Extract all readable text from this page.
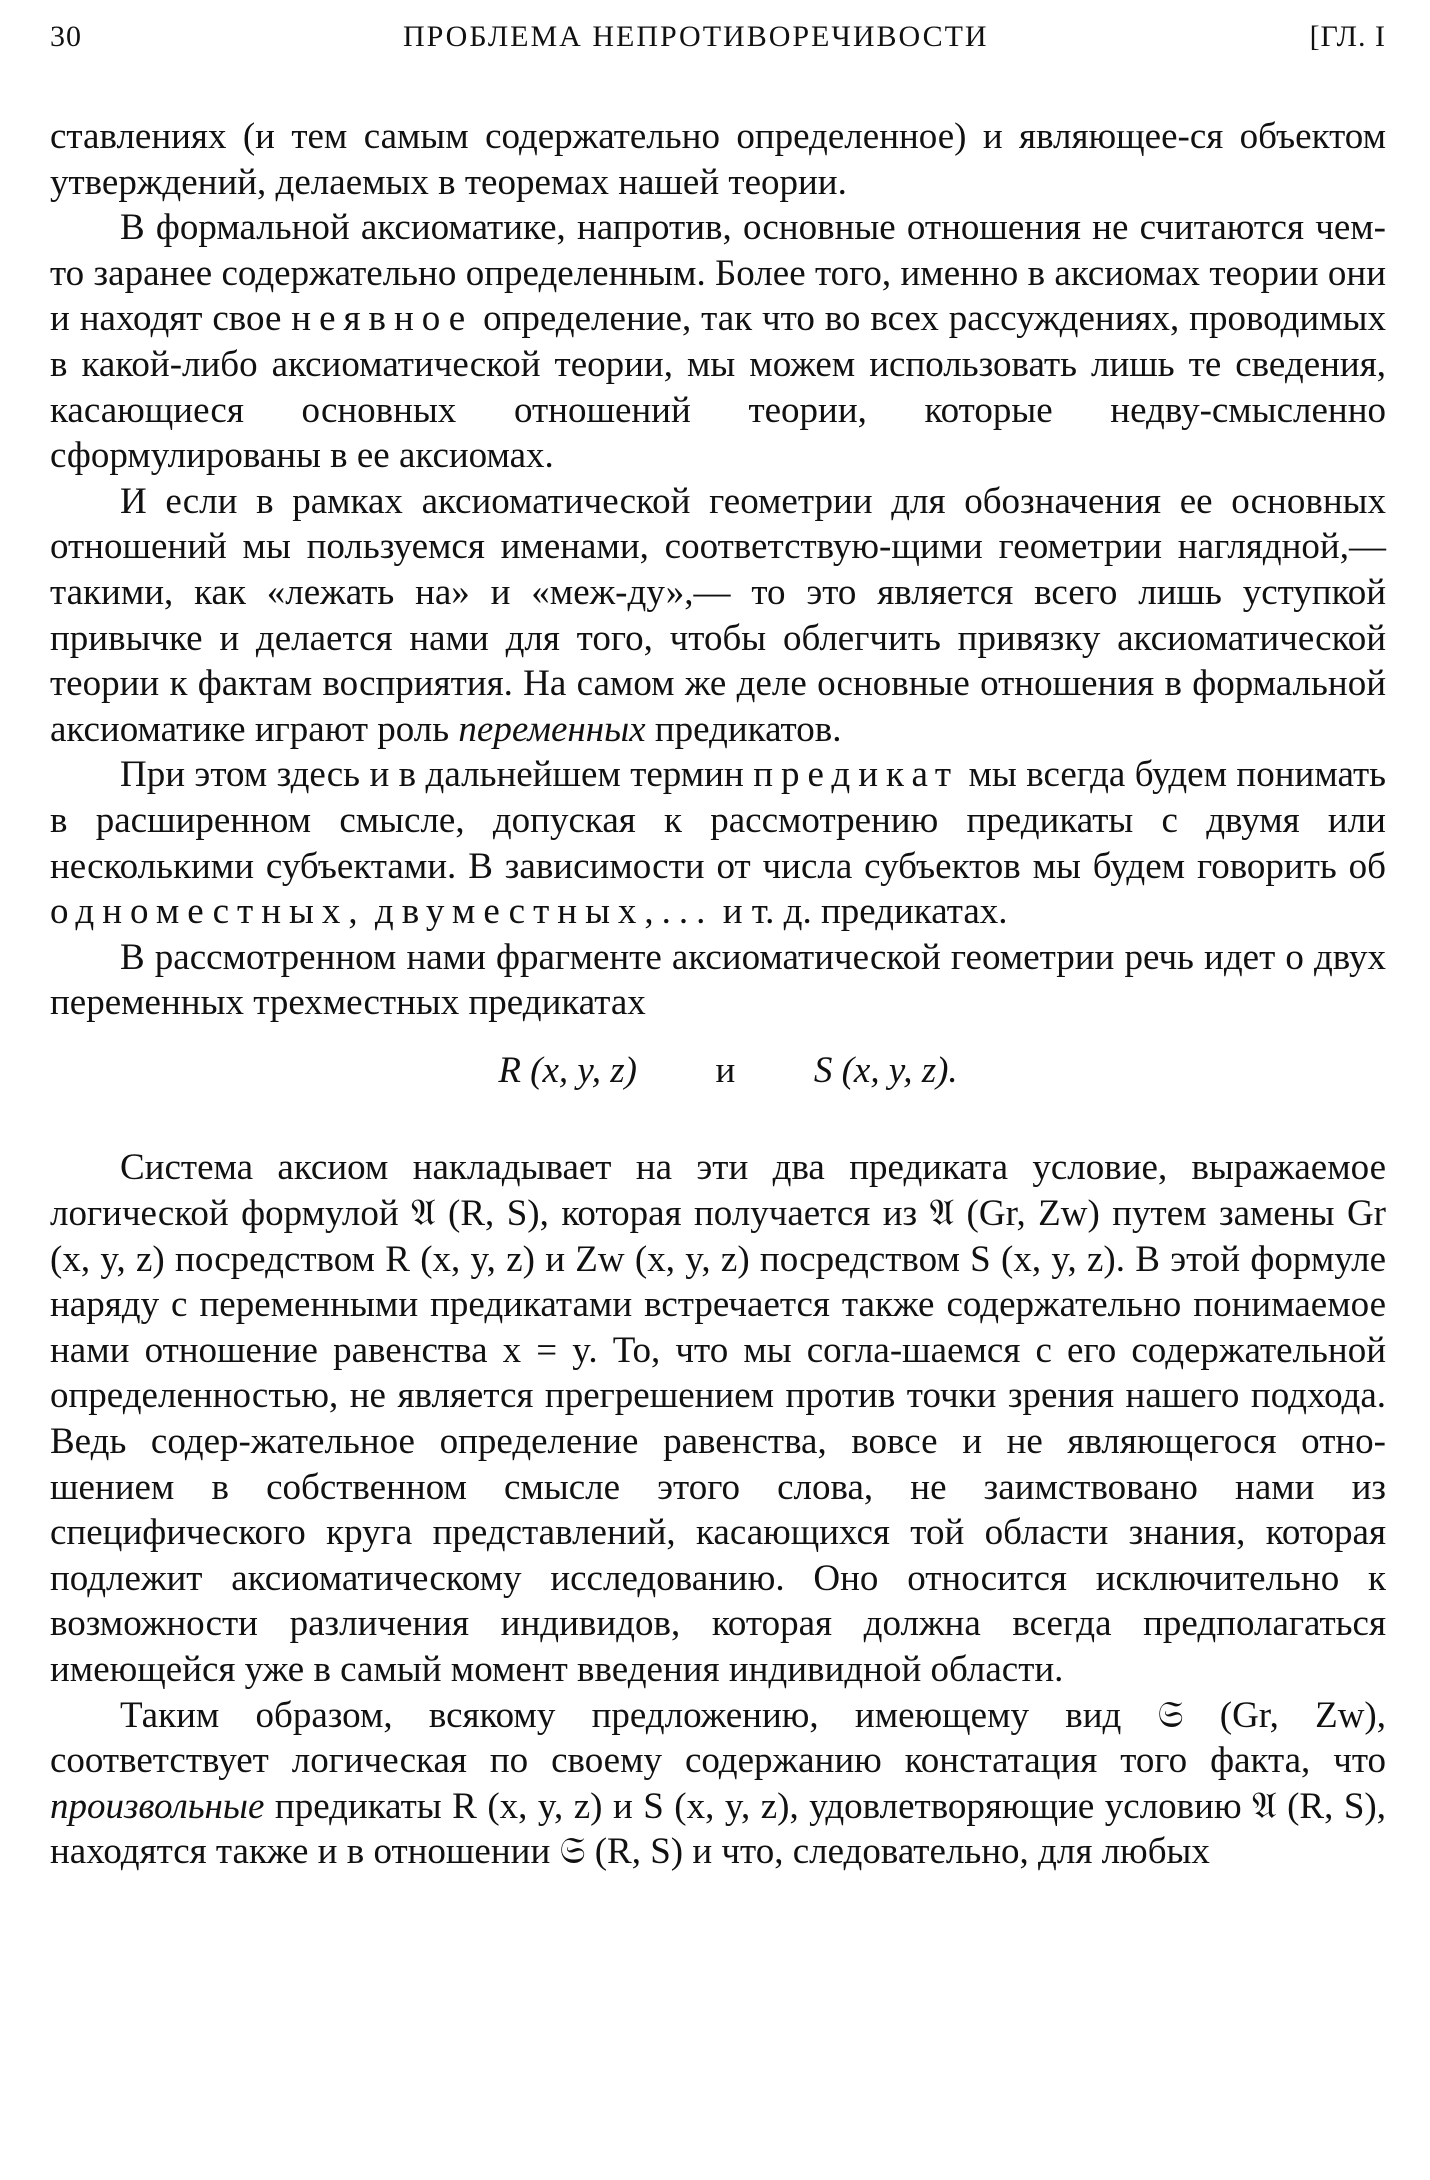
30	ПРОБЛЕМА НЕПРОТИВОРЕЧИВОСТИ	[ГЛ. I

ставлениях (и тем самым содержательно определенное) и являющее-ся объектом утверждений, делаемых в теоремах нашей теории.

В формальной аксиоматике, напротив, основные отношения не считаются чем-то заранее содержательно определенным. Более того, именно в аксиомах теории они и находят свое неявное определение, так что во всех рассуждениях, проводимых в какой-либо аксиоматической теории, мы можем использовать лишь те сведения, касающиеся основных отношений теории, которые недву-смысленно сформулированы в ее аксиомах.

И если в рамках аксиоматической геометрии для обозначения ее основных отношений мы пользуемся именами, соответствую-щими геометрии наглядной,— такими, как «лежать на» и «меж-ду»,— то это является всего лишь уступкой привычке и делается нами для того, чтобы облегчить привязку аксиоматической теории к фактам восприятия. На самом же деле основные отношения в формальной аксиоматике играют роль переменных предикатов.

При этом здесь и в дальнейшем термин предикат мы всегда будем понимать в расширенном смысле, допуская к рассмотрению предикаты с двумя или несколькими субъектами. В зависимости от числа субъектов мы будем говорить об одноместных, двуместных,... и т. д. предикатах.

В рассмотренном нами фрагменте аксиоматической геометрии речь идет о двух переменных трехместных предикатах

R (x, y, z) и S (x, y, z).

Система аксиом накладывает на эти два предиката условие, выражаемое логической формулой 𝔄 (R, S), которая получается из 𝔄 (Gr, Zw) путем замены Gr (x, y, z) посредством R (x, y, z) и Zw (x, y, z) посредством S (x, y, z). В этой формуле наряду с переменными предикатами встречается также содержательно понимаемое нами отношение равенства x = y. То, что мы согла-шаемся с его содержательной определенностью, не является прегрешением против точки зрения нашего подхода. Ведь содер-жательное определение равенства, вовсе и не являющегося отно-шением в собственном смысле этого слова, не заимствовано нами из специфического круга представлений, касающихся той области знания, которая подлежит аксиоматическому исследованию. Оно относится исключительно к возможности различения индивидов, которая должна всегда предполагаться имеющейся уже в самый момент введения индивидной области.

Таким образом, всякому предложению, имеющему вид 𝔖 (Gr, Zw), соответствует логическая по своему содержанию констатация того факта, что произвольные предикаты R (x, y, z) и S (x, y, z), удовлетворяющие условию 𝔄 (R, S), находятся также и в отношении 𝔖 (R, S) и что, следовательно, для любых
